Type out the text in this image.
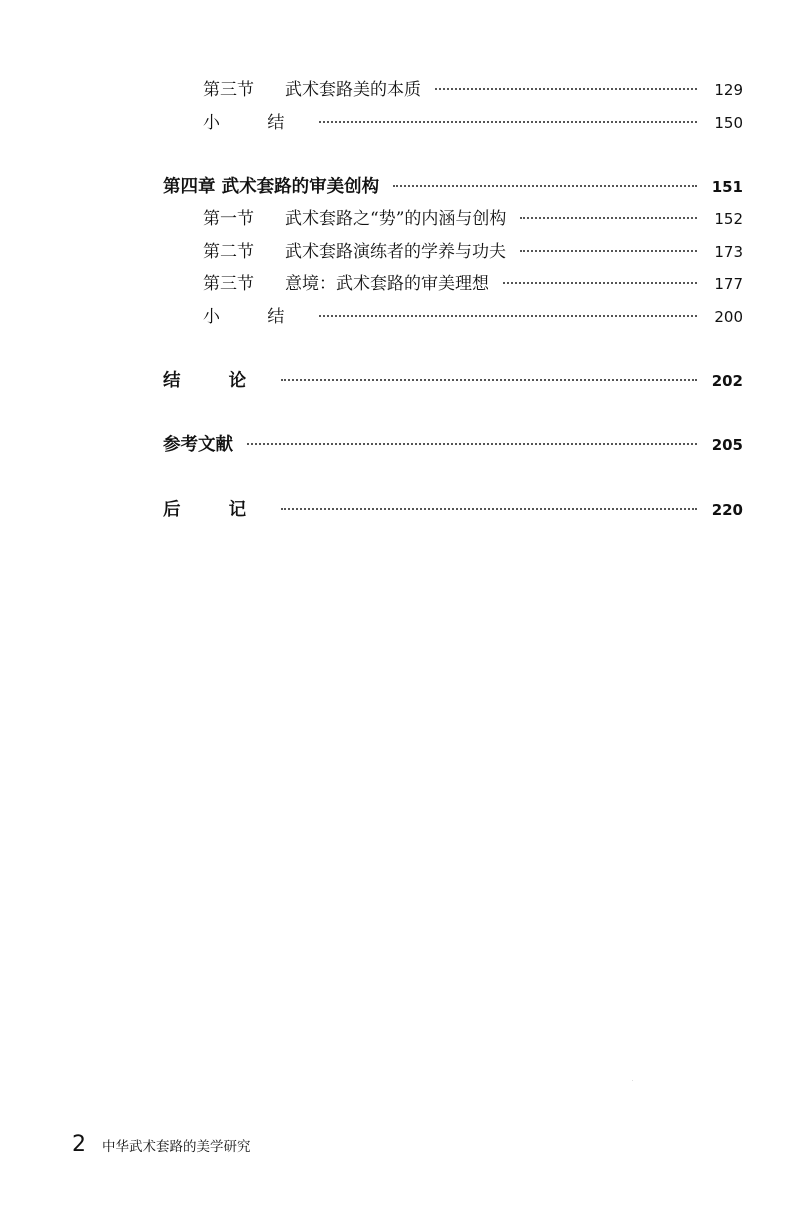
第三节 武术套路美的本质	129
小 结	150
第四章 武术套路的审美创构	151
第一节 武术套路之“势”的内涵与创构	152
第二节 武术套路演练者的学养与功夫	173
第三节 意境：武术套路的审美理想	177
小 结	200
结 论	202
参考文献	205
后 记	220
2 中华武术套路的美学研究
